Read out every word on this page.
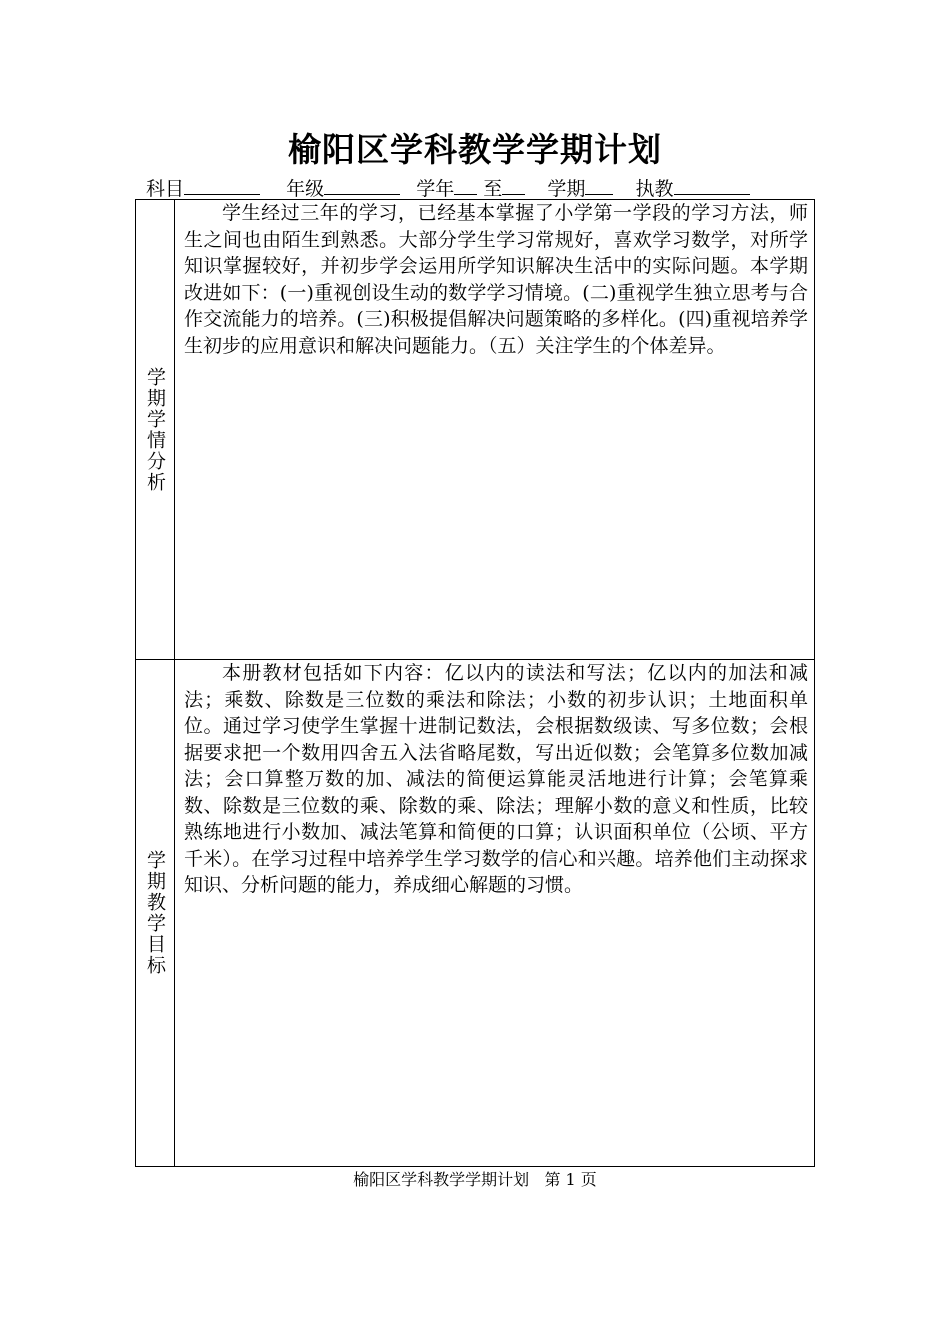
榆阳区学科教学学期计划
科目	年级	学年 至 学期	执教
学期学情分析
学生经过三年的学习，已经基本掌握了小学第一学段的学习方法，师生之间也由陌生到熟悉。大部分学生学习常规好，喜欢学习数学，对所学知识掌握较好，并初步学会运用所学知识解决生活中的实际问题。本学期改进如下：(一)重视创设生动的数学学习情境。(二)重视学生独立思考与合作交流能力的培养。(三)积极提倡解决问题策略的多样化。(四)重视培养学生初步的应用意识和解决问题能力。（五）关注学生的个体差异。
学期教学目标
本册教材包括如下内容：亿以内的读法和写法；亿以内的加法和减法；乘数、除数是三位数的乘法和除法；小数的初步认识；土地面积单位。通过学习使学生掌握十进制记数法，会根据数级读、写多位数；会根据要求把一个数用四舍五入法省略尾数，写出近似数；会笔算多位数加减法；会口算整万数的加、减法的简便运算能灵活地进行计算；会笔算乘数、除数是三位数的乘、除数的乘、除法；理解小数的意义和性质，比较熟练地进行小数加、减法笔算和简便的口算；认识面积单位（公顷、平方千米）。在学习过程中培养学生学习数学的信心和兴趣。培养他们主动探求知识、分析问题的能力，养成细心解题的习惯。
榆阳区学科教学学期计划 第 1 页
